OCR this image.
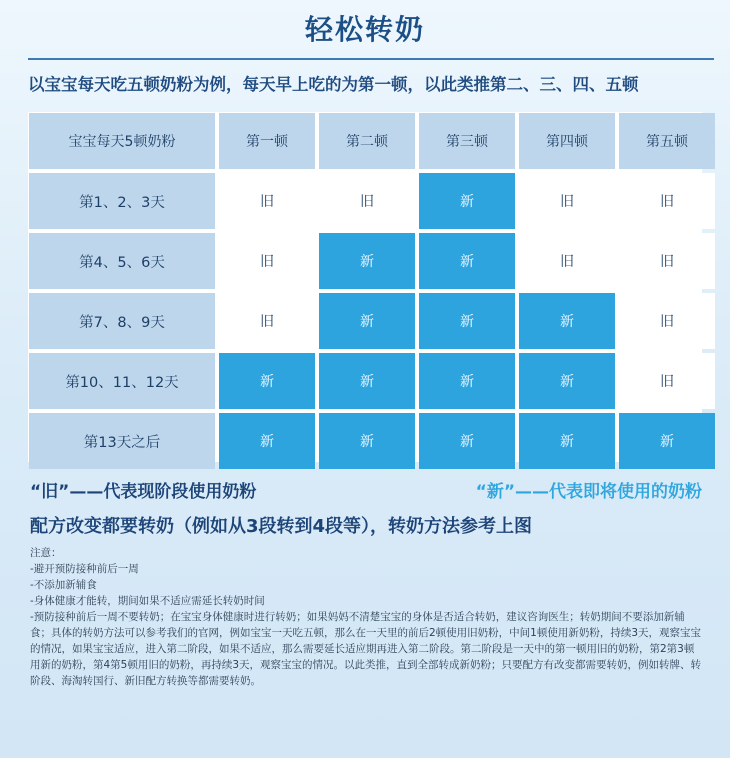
轻松转奶
以宝宝每天吃五顿奶粉为例，每天早上吃的为第一顿，以此类推第二、三、四、五顿
宝宝每天5顿奶粉	第一顿	第二顿	第三顿	第四顿	第五顿
第1、2、3天	旧	旧	新	旧	旧
第4、5、6天	旧	新	新	旧	旧
第7、8、9天	旧	新	新	新	旧
第10、11、12天	新	新	新	新	旧
第13天之后	新	新	新	新	新
“旧”——代表现阶段使用奶粉	“新”——代表即将使用的奶粉
配方改变都要转奶（例如从3段转到4段等），转奶方法参考上图
注意：
-避开预防接种前后一周
-不添加新辅食
-身体健康才能转，期间如果不适应需延长转奶时间
-预防接种前后一周不要转奶；在宝宝身体健康时进行转奶；如果妈妈不清楚宝宝的身体是否适合转奶，建议咨询医生；转奶期间不要添加新辅食；具体的转奶方法可以参考我们的官网，例如宝宝一天吃五顿，那么在一天里的前后2顿使用旧奶粉，中间1顿使用新奶粉，持续3天，观察宝宝的情况，如果宝宝适应，进入第二阶段，如果不适应，那么需要延长适应期再进入第二阶段。第二阶段是一天中的第一顿用旧的奶粉，第2第3顿用新的奶粉，第4第5顿用旧的奶粉，再持续3天，观察宝宝的情况。以此类推，直到全部转成新奶粉；只要配方有改变都需要转奶，例如转牌、转阶段、海淘转国行、新旧配方转换等都需要转奶。
